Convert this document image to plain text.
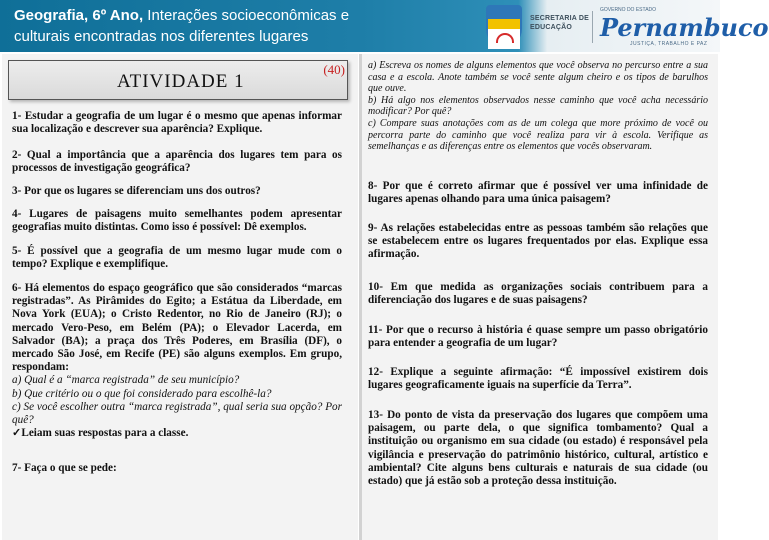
Geografia, 6º Ano, Interações socioeconômicas e culturais encontradas nos diferentes lugares
SECRETARIA DE EDUCAÇÃO
GOVERNO DO ESTADO
Pernambuco
JUSTIÇA, TRABALHO E PAZ
ATIVIDADE 1
(40)
1- Estudar a geografia de um lugar é o mesmo que apenas informar sua localização e descrever sua aparência? Explique.
2- Qual a importância que a aparência dos lugares tem para os processos de investigação geográfica?
3- Por que os lugares se diferenciam uns dos outros?
4- Lugares de paisagens muito semelhantes podem apresentar geografias muito distintas. Como isso é possível: Dê exemplos.
5- É possível que a geografia de um mesmo lugar mude com o tempo? Explique e exemplifique.
6- Há elementos do espaço geográfico que são considerados “marcas registradas”. As Pirâmides do Egito; a Estátua da Liberdade, em Nova York (EUA); o Cristo Redentor, no Rio de Janeiro (RJ); o mercado Vero-Peso, em Belém (PA); o Elevador Lacerda, em Salvador (BA); a praça dos Três Poderes, em Brasília (DF), o mercado São José, em Recife (PE) são alguns exemplos. Em grupo, respondam:
a) Qual é a “marca registrada” de seu município?
b) Que critério ou o que foi considerado para escolhê-la?
c) Se você escolher outra “marca registrada”, qual seria sua opção? Por quê?
✓Leiam suas respostas para a classe.
7- Faça o que se pede:
a) Escreva os nomes de alguns elementos que você observa no percurso entre a sua casa e a escola. Anote também se você sente algum cheiro e os tipos de barulhos que ouve.
b) Há algo nos elementos observados nesse caminho que você acha necessário modificar? Por quê?
c) Compare suas anotações com as de um colega que more próximo de você ou percorra parte do caminho que você realiza para vir à escola. Verifique as semelhanças e as diferenças entre os elementos que vocês observaram.
8- Por que é correto afirmar que é possível ver uma infinidade de lugares apenas olhando para uma única paisagem?
9- As relações estabelecidas entre as pessoas também são relações que se estabelecem entre os lugares frequentados por elas. Explique essa afirmação.
10- Em que medida as organizações sociais contribuem para a diferenciação dos lugares e de suas paisagens?
11- Por que o recurso à história é quase sempre um passo obrigatório para entender a geografia de um lugar?
12- Explique a seguinte afirmação: “É impossível existirem dois lugares geograficamente iguais na superfície da Terra”.
13- Do ponto de vista da preservação dos lugares que compõem uma paisagem, ou parte dela, o que significa tombamento? Qual a instituição ou organismo em sua cidade (ou estado) é responsável pela vigilância e preservação do patrimônio histórico, cultural, artístico e ambiental? Cite alguns bens culturais e naturais de sua cidade (ou estado) que já estão sob a proteção dessa instituição.
